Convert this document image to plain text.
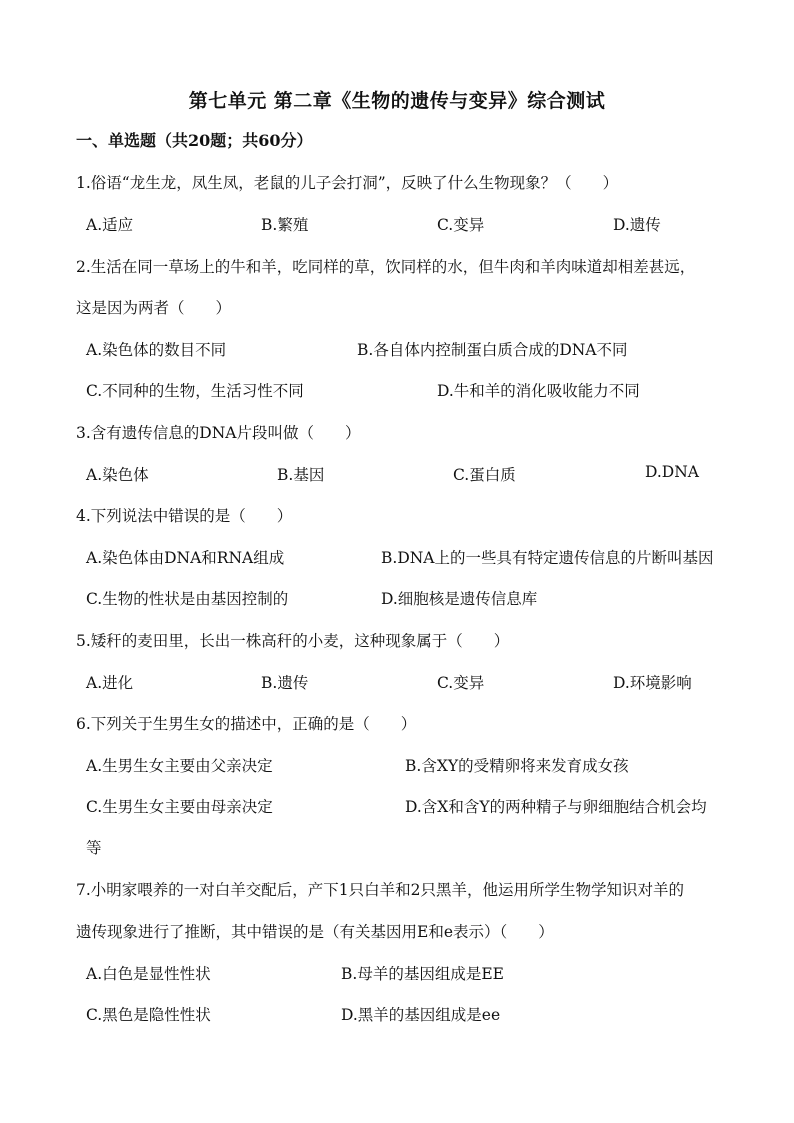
第七单元 第二章《生物的遗传与变异》综合测试
一、单选题（共20题；共60分）
1.俗语“龙生龙，凤生凤，老鼠的儿子会打洞”，反映了什么生物现象？（　　）
A.适应	B.繁殖	C.变异	D.遗传
2.生活在同一草场上的牛和羊，吃同样的草，饮同样的水，但牛肉和羊肉味道却相差甚远，
这是因为两者（　　）
A.染色体的数目不同	B.各自体内控制蛋白质合成的DNA不同
C.不同种的生物，生活习性不同	D.牛和羊的消化吸收能力不同
3.含有遗传信息的DNA片段叫做（　　）
A.染色体	B.基因	C.蛋白质	D.DNA
4.下列说法中错误的是（　　）
A.染色体由DNA和RNA组成	B.DNA上的一些具有特定遗传信息的片断叫基因
C.生物的性状是由基因控制的	D.细胞核是遗传信息库
5.矮秆的麦田里，长出一株高秆的小麦，这种现象属于（　　）
A.进化	B.遗传	C.变异	D.环境影响
6.下列关于生男生女的描述中，正确的是（　　）
A.生男生女主要由父亲决定	B.含XY的受精卵将来发育成女孩
C.生男生女主要由母亲决定	D.含X和含Y的两种精子与卵细胞结合机会均
等
7.小明家喂养的一对白羊交配后，产下1只白羊和2只黑羊，他运用所学生物学知识对羊的
遗传现象进行了推断，其中错误的是（有关基因用E和e表示）（　　）
A.白色是显性性状	B.母羊的基因组成是EE
C.黑色是隐性性状	D.黑羊的基因组成是ee
